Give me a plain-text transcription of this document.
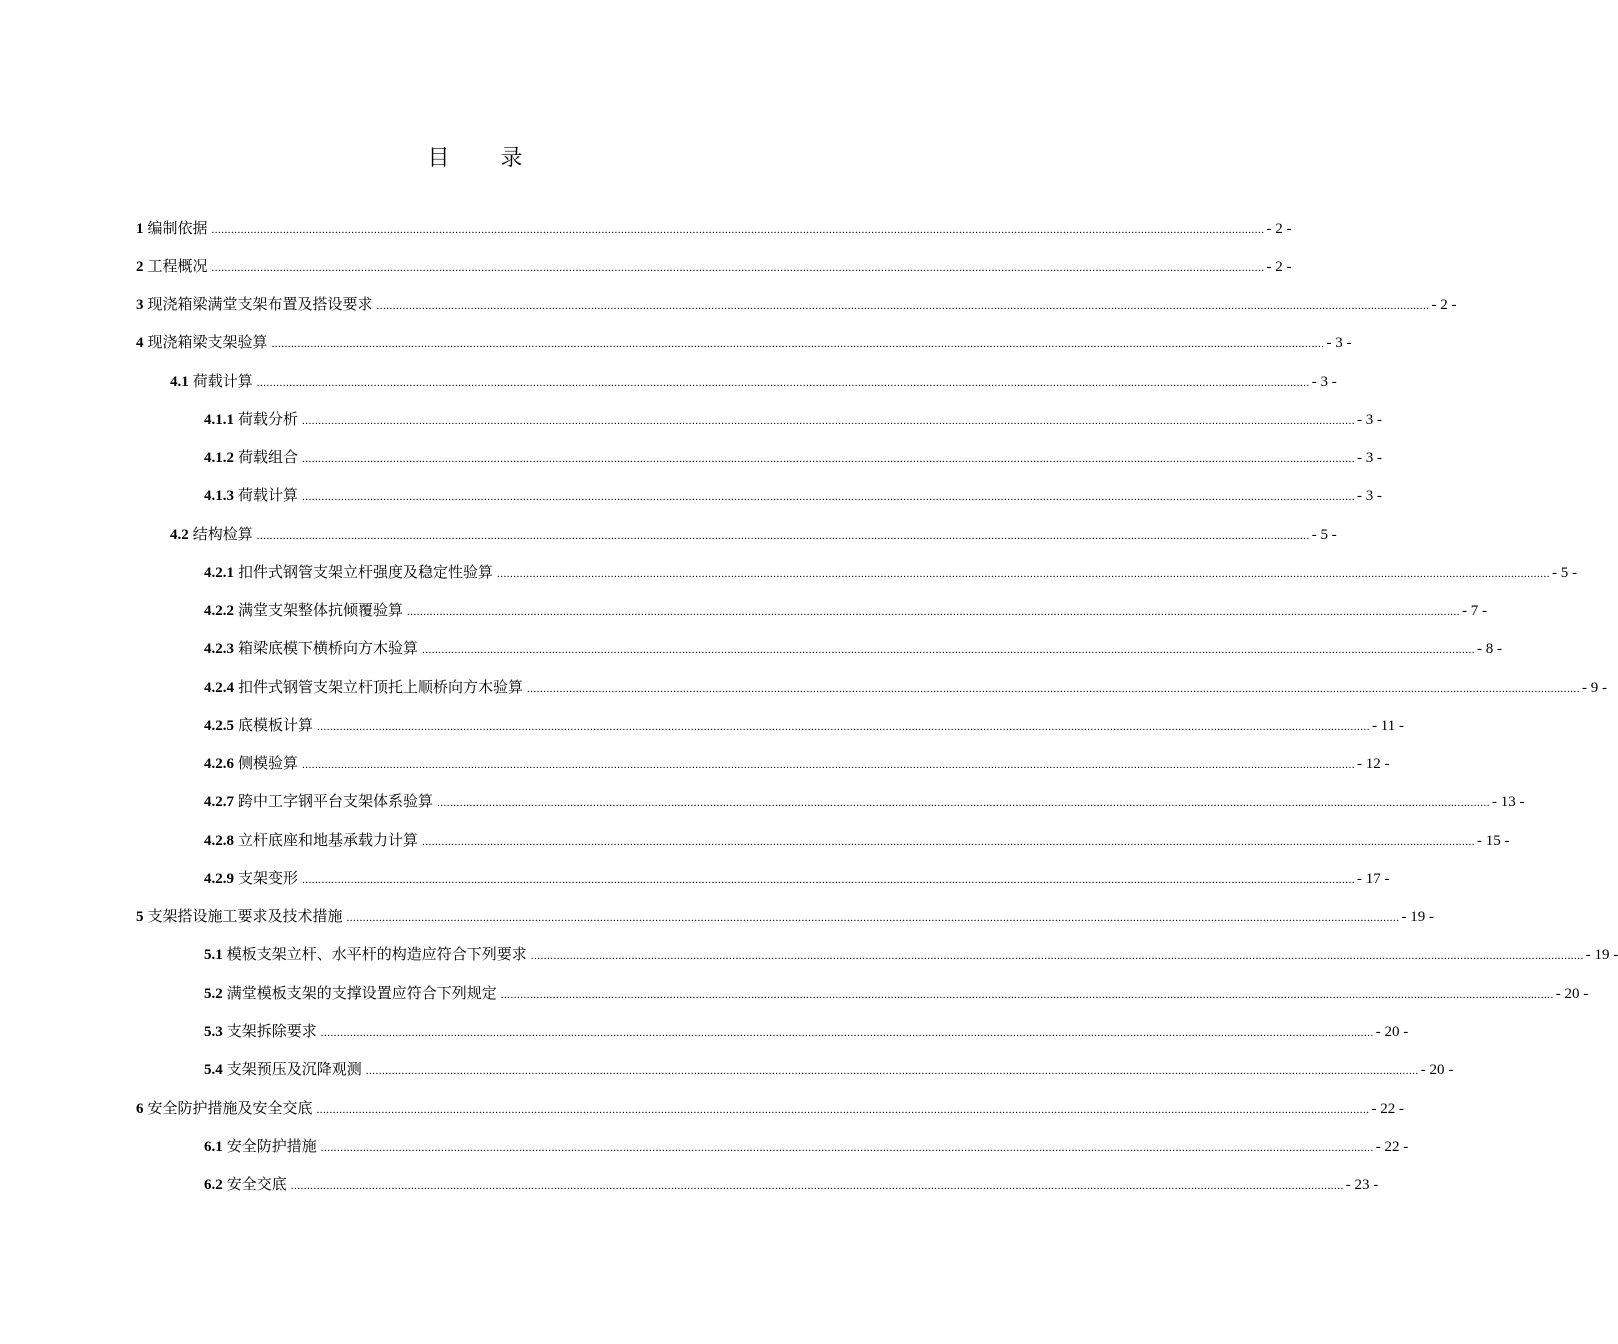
目 录
1 编制依据 .................................................................................................................................................................................................................................................................................................................................... - 2 -
2 工程概况 .................................................................................................................................................................................................................................................................................................................................... - 2 -
3 现浇箱梁满堂支架布置及搭设要求 .................................................................................................................................................................................................................................................................................................................................... - 2 -
4 现浇箱梁支架验算 .................................................................................................................................................................................................................................................................................................................................... - 3 -
4.1 荷载计算 .................................................................................................................................................................................................................................................................................................................................... - 3 -
4.1.1 荷载分析 .................................................................................................................................................................................................................................................................................................................................... - 3 -
4.1.2 荷载组合 .................................................................................................................................................................................................................................................................................................................................... - 3 -
4.1.3 荷载计算 .................................................................................................................................................................................................................................................................................................................................... - 3 -
4.2 结构检算 .................................................................................................................................................................................................................................................................................................................................... - 5 -
4.2.1 扣件式钢管支架立杆强度及稳定性验算 .................................................................................................................................................................................................................................................................................................................................... - 5 -
4.2.2 满堂支架整体抗倾覆验算 .................................................................................................................................................................................................................................................................................................................................... - 7 -
4.2.3 箱梁底模下横桥向方木验算 .................................................................................................................................................................................................................................................................................................................................... - 8 -
4.2.4 扣件式钢管支架立杆顶托上顺桥向方木验算 .................................................................................................................................................................................................................................................................................................................................... - 9 -
4.2.5 底模板计算 .................................................................................................................................................................................................................................................................................................................................... - 11 -
4.2.6 侧模验算 .................................................................................................................................................................................................................................................................................................................................... - 12 -
4.2.7 跨中工字钢平台支架体系验算 .................................................................................................................................................................................................................................................................................................................................... - 13 -
4.2.8 立杆底座和地基承载力计算 .................................................................................................................................................................................................................................................................................................................................... - 15 -
4.2.9 支架变形 .................................................................................................................................................................................................................................................................................................................................... - 17 -
5 支架搭设施工要求及技术措施 .................................................................................................................................................................................................................................................................................................................................... - 19 -
5.1 模板支架立杆、水平杆的构造应符合下列要求 .................................................................................................................................................................................................................................................................................................................................... - 19 -
5.2 满堂模板支架的支撑设置应符合下列规定 .................................................................................................................................................................................................................................................................................................................................... - 20 -
5.3 支架拆除要求 .................................................................................................................................................................................................................................................................................................................................... - 20 -
5.4 支架预压及沉降观测 .................................................................................................................................................................................................................................................................................................................................... - 20 -
6 安全防护措施及安全交底 .................................................................................................................................................................................................................................................................................................................................... - 22 -
6.1 安全防护措施 .................................................................................................................................................................................................................................................................................................................................... - 22 -
6.2 安全交底 .................................................................................................................................................................................................................................................................................................................................... - 23 -
